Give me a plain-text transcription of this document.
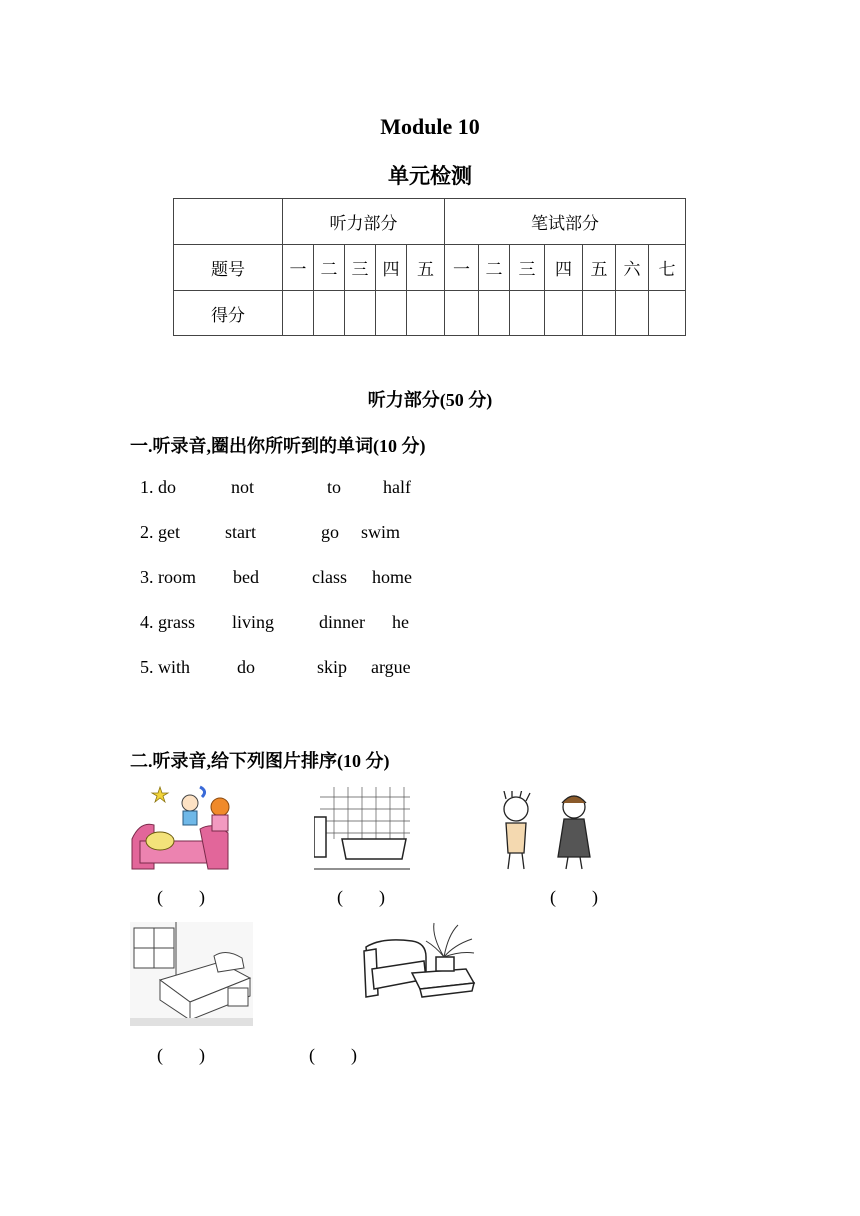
Module 10
单元检测
	听力部分					笔试部分						
题号	一	二	三	四	五	一	二	三	四	五	六	七
得分												
听力部分(50 分)
一.听录音,圈出你所听到的单词(10 分)
1. do	not	to half
2. get	start	go swim
3. room bed	class home
4. grass living dinner he
5. with	do	skip argue
二.听录音,给下列图片排序(10 分)
(　　)	(　　)	(　　)
(　　)	(　　)
